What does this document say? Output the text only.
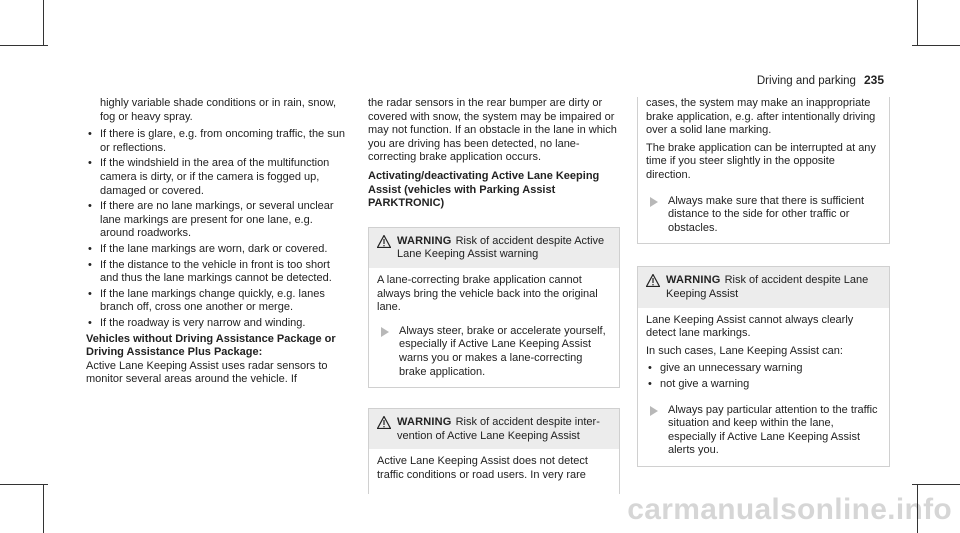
Driving and parking 235

highly variable shade conditions or in rain, snow, fog or heavy spray.

• If there is glare, e.g. from oncoming traffic, the sun or reflections.
• If the windshield in the area of the multifunction camera is dirty, or if the camera is fogged up, damaged or covered.
• If there are no lane markings, or several unclear lane markings are present for one lane, e.g. around roadworks.
• If the lane markings are worn, dark or covered.
• If the distance to the vehicle in front is too short and thus the lane markings cannot be detected.
• If the lane markings change quickly, e.g. lanes branch off, cross one another or merge.
• If the roadway is very narrow and winding.

Vehicles without Driving Assistance Package or Driving Assistance Plus Package:

Active Lane Keeping Assist uses radar sensors to monitor several areas around the vehicle. If

the radar sensors in the rear bumper are dirty or covered with snow, the system may be impaired or may not function. If an obstacle in the lane in which you are driving has been detected, no lane-correcting brake application occurs.

Activating/deactivating Active Lane Keeping Assist (vehicles with Parking Assist PARKTRONIC)

WARNING Risk of accident despite Active Lane Keeping Assist warning

A lane-correcting brake application cannot always bring the vehicle back into the original lane.

Always steer, brake or accelerate yourself, especially if Active Lane Keeping Assist warns you or makes a lane-correcting brake application.
WARNING Risk of accident despite intervention of Active Lane Keeping Assist

Active Lane Keeping Assist does not detect traffic conditions or road users. In very rare

cases, the system may make an inappropriate brake application, e.g. after intentionally driving over a solid lane marking.

The brake application can be interrupted at any time if you steer slightly in the opposite direction.

Always make sure that there is sufficient distance to the side for other traffic or obstacles.
WARNING Risk of accident despite Lane Keeping Assist

Lane Keeping Assist cannot always clearly detect lane markings.

In such cases, Lane Keeping Assist can:

• give an unnecessary warning
• not give a warning
Always pay particular attention to the traffic situation and keep within the lane, especially if Active Lane Keeping Assist alerts you.
carmanualsonline.info
